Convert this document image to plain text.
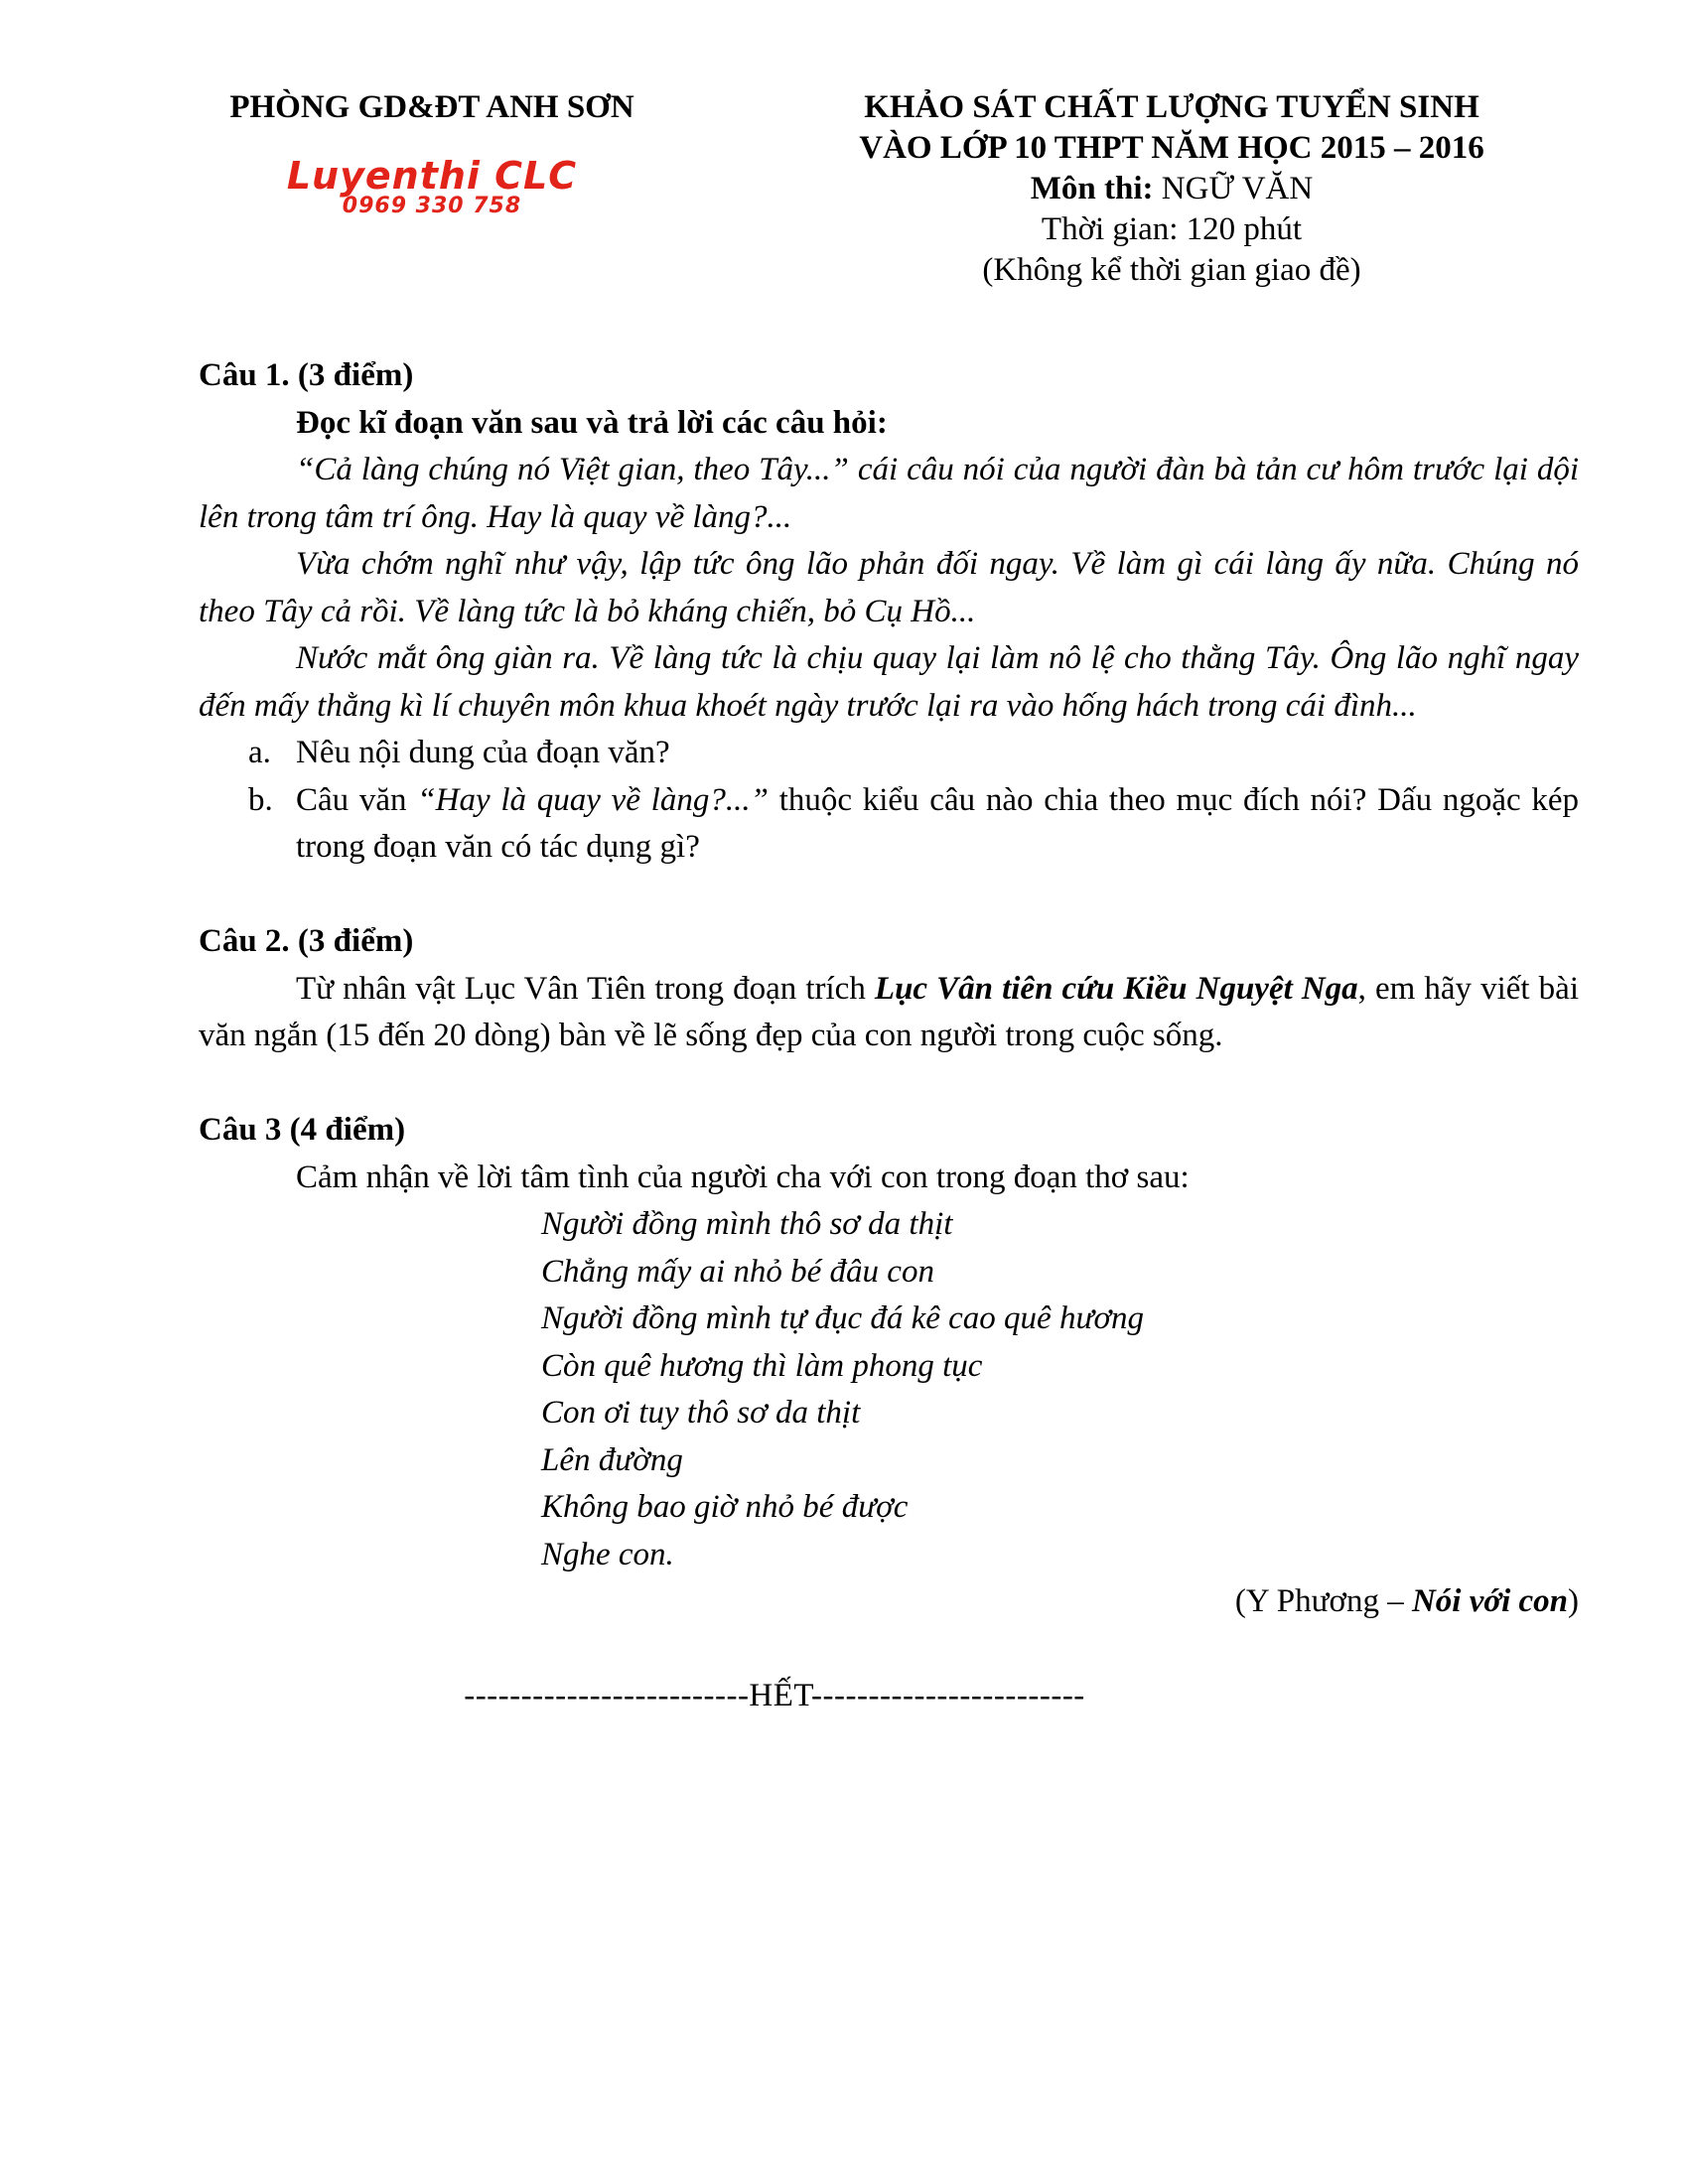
PHÒNG GD&ĐT ANH SƠN
Luyenthi CLC
0969 330 758
KHẢO SÁT CHẤT LƯỢNG TUYỂN SINH
VÀO LỚP 10 THPT NĂM HỌC 2015 – 2016
Môn thi: NGỮ VĂN
Thời gian: 120 phút
(Không kể thời gian giao đề)
Câu 1. (3 điểm)
Đọc kĩ đoạn văn sau và trả lời các câu hỏi:

“Cả làng chúng nó Việt gian, theo Tây...” cái câu nói của người đàn bà tản cư hôm trước lại dội lên trong tâm trí ông. Hay là quay về làng?...

Vừa chớm nghĩ như vậy, lập tức ông lão phản đối ngay. Về làm gì cái làng ấy nữa. Chúng nó theo Tây cả rồi. Về làng tức là bỏ kháng chiến, bỏ Cụ Hồ...

Nước mắt ông giàn ra. Về làng tức là chịu quay lại làm nô lệ cho thằng Tây. Ông lão nghĩ ngay đến mấy thằng kì lí chuyên môn khua khoét ngày trước lại ra vào hống hách trong cái đình...

a. Nêu nội dung của đoạn văn?
b. Câu văn “Hay là quay về làng?...” thuộc kiểu câu nào chia theo mục đích nói? Dấu ngoặc kép trong đoạn văn có tác dụng gì?
Câu 2. (3 điểm)

Từ nhân vật Lục Vân Tiên trong đoạn trích Lục Vân tiên cứu Kiều Nguyệt Nga, em hãy viết bài văn ngắn (15 đến 20 dòng) bàn về lẽ sống đẹp của con người trong cuộc sống.

Câu 3 (4 điểm)
Cảm nhận về lời tâm tình của người cha với con trong đoạn thơ sau:
Người đồng mình thô sơ da thịt
Chẳng mấy ai nhỏ bé đâu con
Người đồng mình tự đục đá kê cao quê hương
Còn quê hương thì làm phong tục
Con ơi tuy thô sơ da thịt
Lên đường
Không bao giờ nhỏ bé được
Nghe con.
(Y Phương – Nói với con)
-------------------------HẾT------------------------
